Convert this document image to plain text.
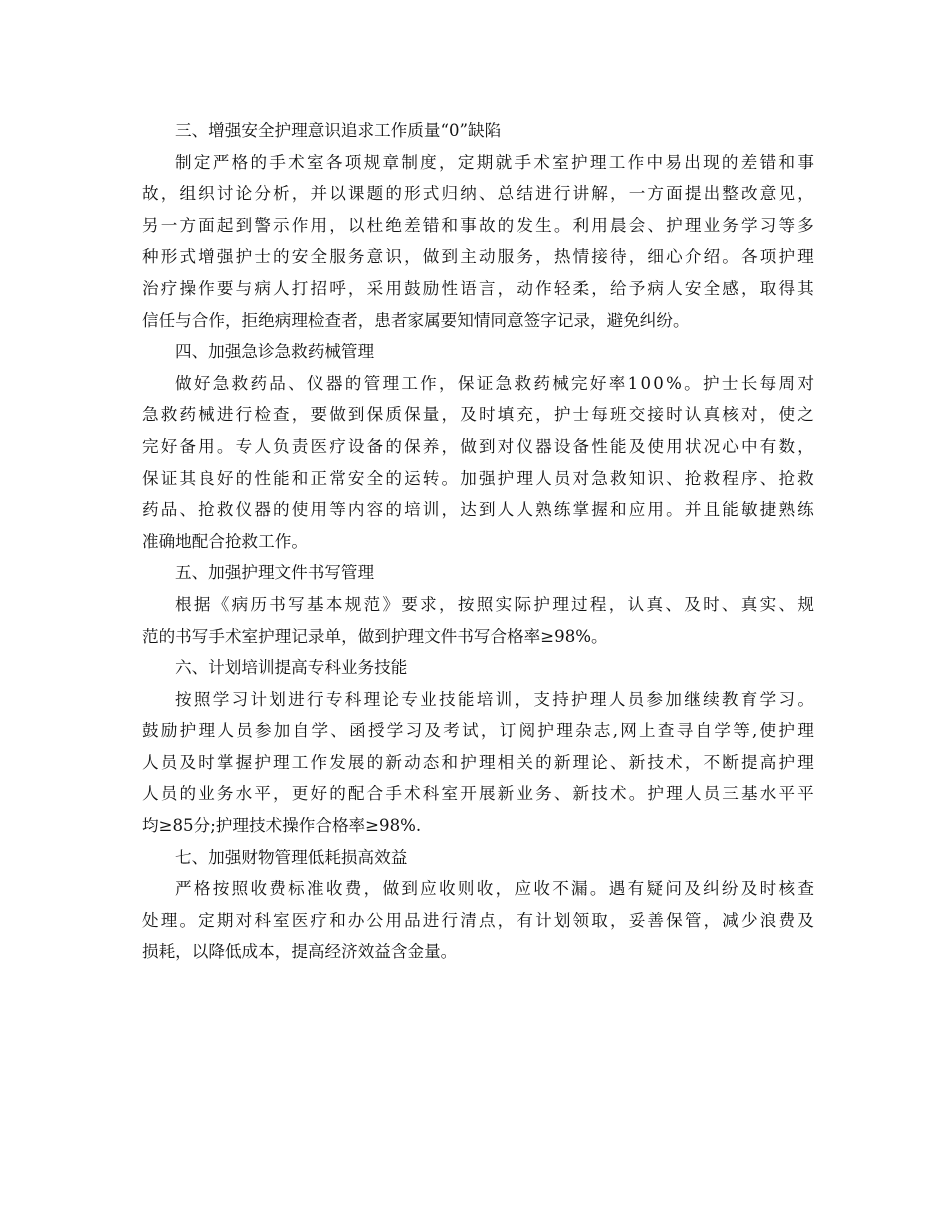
三、增强安全护理意识追求工作质量“0”缺陷
制 定 严 格 的 手 术 室 各 项 规 章 制 度 ， 定 期 就 手 术 室 护 理 工 作 中 易 出 现 的 差 错 和 事
故 ， 组 织 讨 论 分 析 ， 并 以 课 题 的 形 式 归 纳 、 总 结 进 行 讲 解 ， 一 方 面 提 出 整 改 意 见 ，
另 一 方 面 起 到 警 示 作 用 ， 以 杜 绝 差 错 和 事 故 的 发 生 。 利 用 晨 会 、 护 理 业 务 学 习 等 多
种 形 式 增 强 护 士 的 安 全 服 务 意 识 ， 做 到 主 动 服 务 ， 热 情 接 待 ， 细 心 介 绍 。 各 项 护 理
治 疗 操 作 要 与 病 人 打 招 呼 ， 采 用 鼓 励 性 语 言 ， 动 作 轻 柔 ， 给 予 病 人 安 全 感 ， 取 得 其
信任与合作，拒绝病理检查者，患者家属要知情同意签字记录，避免纠纷。
四、加强急诊急救药械管理
做 好 急 救 药 品 、 仪 器 的 管 理 工 作 ， 保 证 急 救 药 械 完 好 率 1 0 0 % 。 护 士 长 每 周 对
急 救 药 械 进 行 检 查 ， 要 做 到 保 质 保 量 ， 及 时 填 充 ， 护 士 每 班 交 接 时 认 真 核 对 ， 使 之
完 好 备 用 。 专 人 负 责 医 疗 设 备 的 保 养 ， 做 到 对 仪 器 设 备 性 能 及 使 用 状 况 心 中 有 数 ，
保 证 其 良 好 的 性 能 和 正 常 安 全 的 运 转 。 加 强 护 理 人 员 对 急 救 知 识 、 抢 救 程 序 、 抢 救
药 品 、 抢 救 仪 器 的 使 用 等 内 容 的 培 训 ， 达 到 人 人 熟 练 掌 握 和 应 用 。 并 且 能 敏 捷 熟 练
准确地配合抢救工作。
五、加强护理文件书写管理
根 据 《 病 历 书 写 基 本 规 范 》 要 求 ， 按 照 实 际 护 理 过 程 ， 认 真 、 及 时 、 真 实 、 规
范的书写手术室护理记录单，做到护理文件书写合格率≥98%。
六、计划培训提高专科业务技能
按 照 学 习 计 划 进 行 专 科 理 论 专 业 技 能 培 训 ， 支 持 护 理 人 员 参 加 继 续 教 育 学 习 。
鼓 励 护 理 人 员 参 加 自 学 、 函 授 学 习 及 考 试 ， 订 阅 护 理 杂 志 , 网 上 查 寻 自 学 等 , 使 护 理
人 员 及 时 掌 握 护 理 工 作 发 展 的 新 动 态 和 护 理 相 关 的 新 理 论 、 新 技 术 ， 不 断 提 高 护 理
人 员 的 业 务 水 平 ， 更 好 的 配 合 手 术 科 室 开 展 新 业 务 、 新 技 术 。 护 理 人 员 三 基 水 平 平
均≥85分;护理技术操作合格率≥98%.
七、加强财物管理低耗损高效益
严 格 按 照 收 费 标 准 收 费 ， 做 到 应 收 则 收 ， 应 收 不 漏 。 遇 有 疑 问 及 纠 纷 及 时 核 查
处 理 。 定 期 对 科 室 医 疗 和 办 公 用 品 进 行 清 点 ， 有 计 划 领 取 ， 妥 善 保 管 ， 减 少 浪 费 及
损耗，以降低成本，提高经济效益含金量。
